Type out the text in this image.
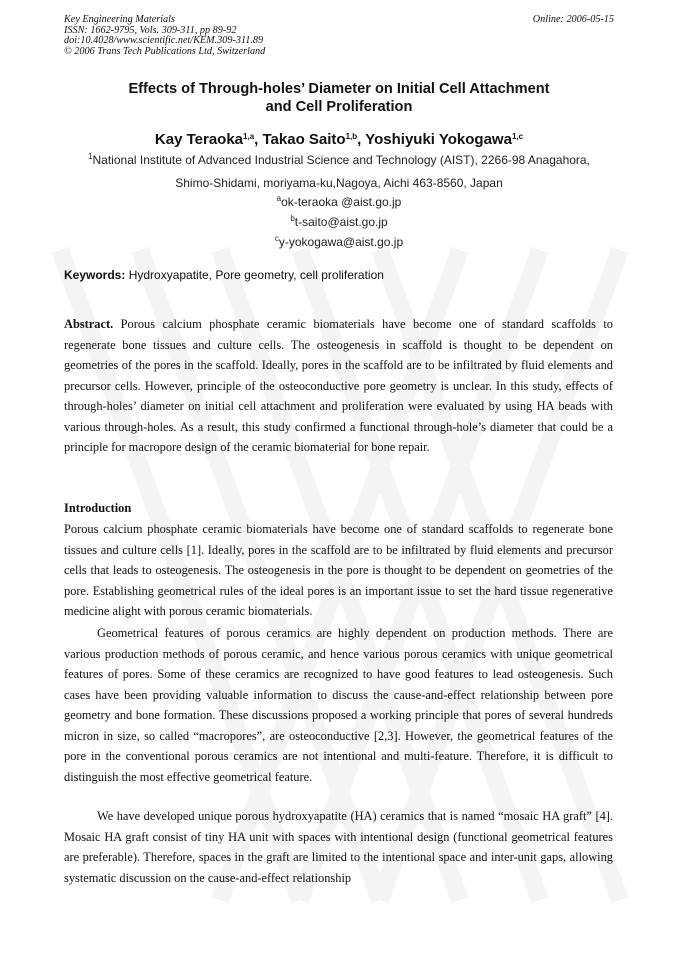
Key Engineering Materials
ISSN: 1662-9795, Vols. 309-311, pp 89-92
doi:10.4028/www.scientific.net/KEM.309-311.89
© 2006 Trans Tech Publications Ltd, Switzerland
Online: 2006-05-15
Effects of Through-holes’ Diameter on Initial Cell Attachment
and Cell Proliferation
Kay Teraoka$^{1,a}$, Takao Saito$^{1,b}$, Yoshiyuki Yokogawa$^{1,c}$
$^1$National Institute of Advanced Industrial Science and Technology (AIST), 2266-98 Anagahora,
Shimo-Shidami, moriyama-ku,Nagoya, Aichi 463-8560, Japan
$^a$ok-teraoka @aist.go.jp
$^b$t-saito@aist.go.jp
$^c$y-yokogawa@aist.go.jp
Keywords: Hydroxyapatite, Pore geometry, cell proliferation
Abstract. Porous calcium phosphate ceramic biomaterials have become one of standard scaffolds to regenerate bone tissues and culture cells. The osteogenesis in scaffold is thought to be dependent on geometries of the pores in the scaffold. Ideally, pores in the scaffold are to be infiltrated by fluid elements and precursor cells. However, principle of the osteoconductive pore geometry is unclear. In this study, effects of through-holes’ diameter on initial cell attachment and proliferation were evaluated by using HA beads with various through-holes. As a result, this study confirmed a functional through-hole’s diameter that could be a principle for macropore design of the ceramic biomaterial for bone repair.
Introduction
Porous calcium phosphate ceramic biomaterials have become one of standard scaffolds to regenerate bone tissues and culture cells [1]. Ideally, pores in the scaffold are to be infiltrated by fluid elements and precursor cells that leads to osteogenesis. The osteogenesis in the pore is thought to be dependent on geometries of the pore. Establishing geometrical rules of the ideal pores is an important issue to set the hard tissue regenerative medicine alight with porous ceramic biomaterials.
Geometrical features of porous ceramics are highly dependent on production methods. There are various production methods of porous ceramic, and hence various porous ceramics with unique geometrical features of pores. Some of these ceramics are recognized to have good features to lead osteogenesis. Such cases have been providing valuable information to discuss the cause-and-effect relationship between pore geometry and bone formation. These discussions proposed a working principle that pores of several hundreds micron in size, so called “macropores”, are osteoconductive [2,3]. However, the geometrical features of the pore in the conventional porous ceramics are not intentional and multi-feature. Therefore, it is difficult to distinguish the most effective geometrical feature.
We have developed unique porous hydroxyapatite (HA) ceramics that is named “mosaic HA graft” [4]. Mosaic HA graft consist of tiny HA unit with spaces with intentional design (functional geometrical features are preferable). Therefore, spaces in the graft are limited to the intentional space and inter-unit gaps, allowing systematic discussion on the cause-and-effect relationship
